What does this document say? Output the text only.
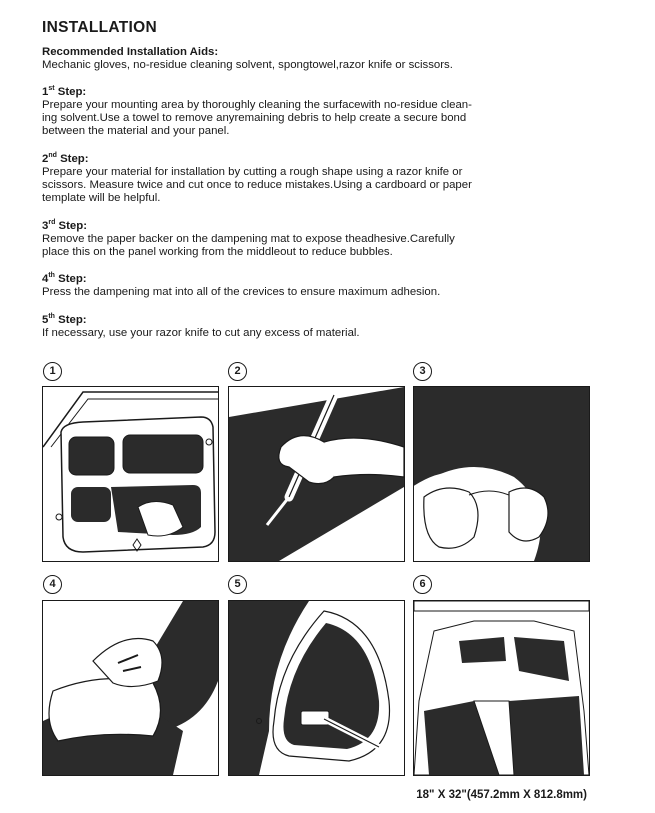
INSTALLATION
Recommended Installation Aids:
Mechanic gloves, no-residue cleaning solvent, spongtowel,razor knife or scissors.
1st Step:
Prepare your mounting area by thoroughly cleaning the surfacewith no-residue clean-
ing solvent.Use a towel to remove anyremaining debris to help create a secure bond
between the material and your panel.
2nd Step:
Prepare your material for installation by cutting a rough shape using a razor knife or
scissors. Measure twice and cut once to reduce mistakes.Using a cardboard or paper
template will be helpful.
3rd Step:
Remove the paper backer on the dampening mat to expose theadhesive.Carefully
place this on the panel working from the middleout to reduce bubbles.
4th Step:
Press the dampening mat into all of the crevices to ensure maximum adhesion.
5th Step:
If necessary, use your razor knife to cut any excess of material.
1	2	3
4	5	6
18" X 32"(457.2mm X 812.8mm)
